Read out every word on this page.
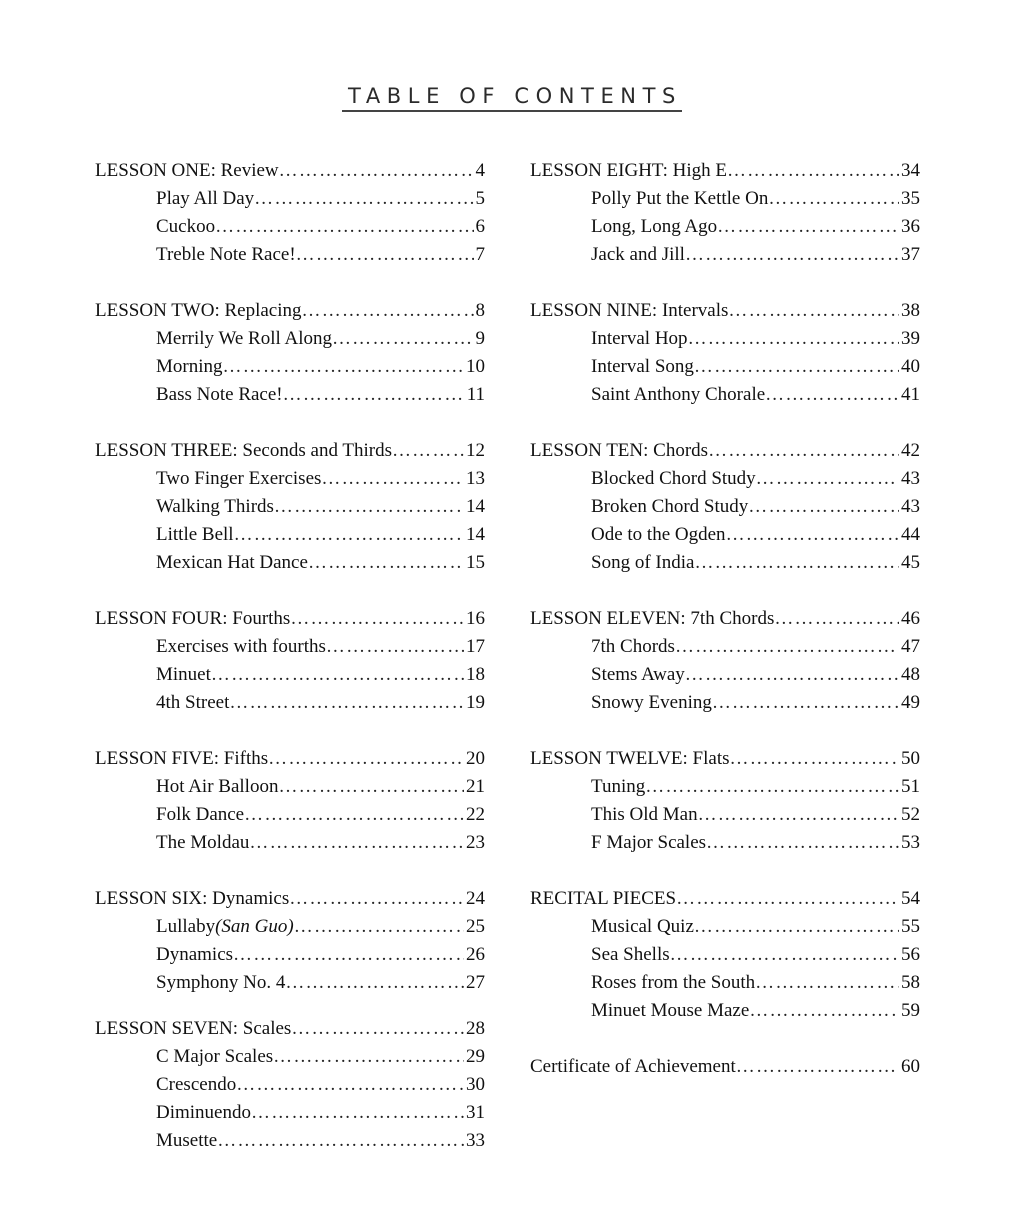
TABLE OF CONTENTS
LESSON ONE: Review ………………………………………………………………………………………………	4
Play All Day ………………………………………………………………………………………………	5
Cuckoo ………………………………………………………………………………………………	6
Treble Note Race! ………………………………………………………………………………………………	7
LESSON TWO: Replacing ………………………………………………………………………………………………	8
Merrily We Roll Along ………………………………………………………………………………………………	9
Morning ………………………………………………………………………………………………	10
Bass Note Race! ………………………………………………………………………………………………	11
LESSON THREE: Seconds and Thirds ………………………………………………………………………………………………	12
Two Finger Exercises ………………………………………………………………………………………………	13
Walking Thirds ………………………………………………………………………………………………	14
Little Bell ………………………………………………………………………………………………	14
Mexican Hat Dance ………………………………………………………………………………………………	15
LESSON FOUR: Fourths ………………………………………………………………………………………………	16
Exercises with fourths ………………………………………………………………………………………………	17
Minuet ………………………………………………………………………………………………	18
4th Street ………………………………………………………………………………………………	19
LESSON FIVE: Fifths ………………………………………………………………………………………………	20
Hot Air Balloon ………………………………………………………………………………………………	21
Folk Dance ………………………………………………………………………………………………	22
The Moldau ………………………………………………………………………………………………	23
LESSON SIX: Dynamics ………………………………………………………………………………………………	24
Lullaby (San Guo) ………………………………………………………………………………………………	25
Dynamics ………………………………………………………………………………………………	26
Symphony No. 4 ………………………………………………………………………………………………	27
LESSON SEVEN: Scales ………………………………………………………………………………………………	28
C Major Scales ………………………………………………………………………………………………	29
Crescendo ………………………………………………………………………………………………	30
Diminuendo ………………………………………………………………………………………………	31
Musette ………………………………………………………………………………………………	33
LESSON EIGHT: High E ………………………………………………………………………………………………	34
Polly Put the Kettle On ………………………………………………………………………………………………	35
Long, Long Ago ………………………………………………………………………………………………	36
Jack and Jill ………………………………………………………………………………………………	37
LESSON NINE: Intervals ………………………………………………………………………………………………	38
Interval Hop ………………………………………………………………………………………………	39
Interval Song ………………………………………………………………………………………………	40
Saint Anthony Chorale ………………………………………………………………………………………………	41
LESSON TEN: Chords ………………………………………………………………………………………………	42
Blocked Chord Study ………………………………………………………………………………………………	43
Broken Chord Study ………………………………………………………………………………………………	43
Ode to the Ogden ………………………………………………………………………………………………	44
Song of India ………………………………………………………………………………………………	45
LESSON ELEVEN: 7th Chords ………………………………………………………………………………………………	46
7th Chords ………………………………………………………………………………………………	47
Stems Away ………………………………………………………………………………………………	48
Snowy Evening ………………………………………………………………………………………………	49
LESSON TWELVE: Flats ………………………………………………………………………………………………	50
Tuning ………………………………………………………………………………………………	51
This Old Man ………………………………………………………………………………………………	52
F Major Scales ………………………………………………………………………………………………	53
RECITAL PIECES ………………………………………………………………………………………………	54
Musical Quiz ………………………………………………………………………………………………	55
Sea Shells ………………………………………………………………………………………………	56
Roses from the South ………………………………………………………………………………………………	58
Minuet Mouse Maze ………………………………………………………………………………………………	59
Certificate of Achievement ………………………………………………………………………………………………	60
